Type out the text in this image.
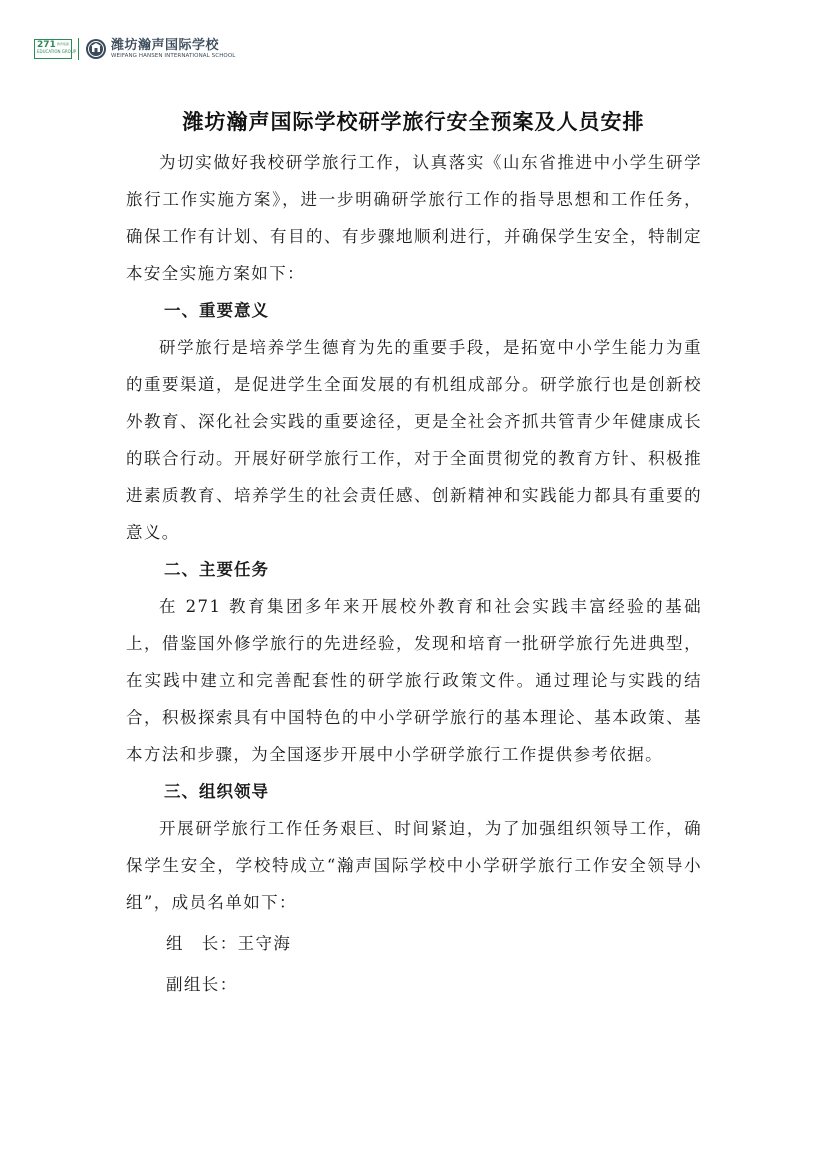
271 教育集团
EDUCATION GROUP	潍坊瀚声国际学校
WEIFANG HANSEN INTERNATIONAL SCHOOL
潍坊瀚声国际学校研学旅行安全预案及人员安排

为切实做好我校研学旅行工作，认真落实《山东省推进中小学生研学旅行工作实施方案》，进一步明确研学旅行工作的指导思想和工作任务，确保工作有计划、有目的、有步骤地顺利进行，并确保学生安全，特制定本安全实施方案如下：

一、重要意义

研学旅行是培养学生德育为先的重要手段，是拓宽中小学生能力为重的重要渠道，是促进学生全面发展的有机组成部分。研学旅行也是创新校外教育、深化社会实践的重要途径，更是全社会齐抓共管青少年健康成长的联合行动。开展好研学旅行工作，对于全面贯彻党的教育方针、积极推进素质教育、培养学生的社会责任感、创新精神和实践能力都具有重要的意义。

二、主要任务

在 271 教育集团多年来开展校外教育和社会实践丰富经验的基础上，借鉴国外修学旅行的先进经验，发现和培育一批研学旅行先进典型，在实践中建立和完善配套性的研学旅行政策文件。通过理论与实践的结合，积极探索具有中国特色的中小学研学旅行的基本理论、基本政策、基本方法和步骤，为全国逐步开展中小学研学旅行工作提供参考依据。

三、组织领导

开展研学旅行工作任务艰巨、时间紧迫，为了加强组织领导工作，确保学生安全，学校特成立“瀚声国际学校中小学研学旅行工作安全领导小组”，成员名单如下：

组　长：王守海

副组长：
